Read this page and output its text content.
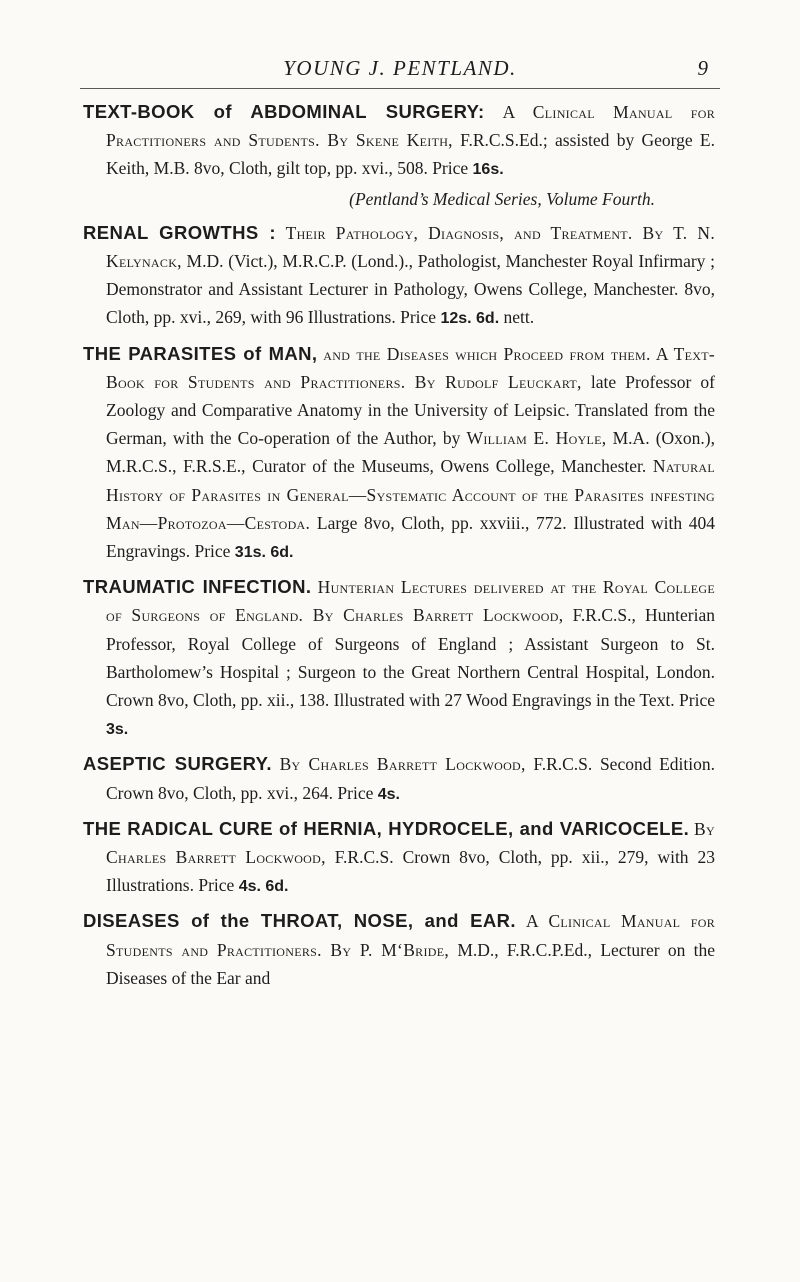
YOUNG J. PENTLAND.	9

TEXT-BOOK of ABDOMINAL SURGERY: A Clinical Manual for Practitioners and Students. By Skene Keith, F.R.C.S.Ed.; assisted by George E. Keith, M.B. 8vo, Cloth, gilt top, pp. xvi., 508. Price 16s.
(Pentland’s Medical Series, Volume Fourth.

RENAL GROWTHS : Their Pathology, Diagnosis, and Treatment. By T. N. Kelynack, M.D. (Vict.), M.R.C.P. (Lond.)., Pathologist, Manchester Royal Infirmary ; Demonstrator and Assistant Lecturer in Pathology, Owens College, Manchester. 8vo, Cloth, pp. xvi., 269, with 96 Illustrations. Price 12s. 6d. nett.

THE PARASITES of MAN, and the Diseases which Proceed from them. A Text-Book for Students and Practitioners. By Rudolf Leuckart, late Professor of Zoology and Comparative Anatomy in the University of Leipsic. Translated from the German, with the Co-operation of the Author, by William E. Hoyle, M.A. (Oxon.), M.R.C.S., F.R.S.E., Curator of the Museums, Owens College, Manchester. Natural History of Parasites in General—Systematic Account of the Parasites infesting Man—Protozoa—Cestoda. Large 8vo, Cloth, pp. xxviii., 772. Illustrated with 404 Engravings. Price 31s. 6d.

TRAUMATIC INFECTION. Hunterian Lectures delivered at the Royal College of Surgeons of England. By Charles Barrett Lockwood, F.R.C.S., Hunterian Professor, Royal College of Surgeons of England ; Assistant Surgeon to St. Bartholomew’s Hospital ; Surgeon to the Great Northern Central Hospital, London. Crown 8vo, Cloth, pp. xii., 138. Illustrated with 27 Wood Engravings in the Text. Price 3s.

ASEPTIC SURGERY. By Charles Barrett Lockwood, F.R.C.S. Second Edition. Crown 8vo, Cloth, pp. xvi., 264. Price 4s.

THE RADICAL CURE of HERNIA, HYDROCELE, and VARICOCELE. By Charles Barrett Lockwood, F.R.C.S. Crown 8vo, Cloth, pp. xii., 279, with 23 Illustrations. Price 4s. 6d.

DISEASES of the THROAT, NOSE, and EAR. A Clinical Manual for Students and Practitioners. By P. M‘Bride, M.D., F.R.C.P.Ed., Lecturer on the Diseases of the Ear and
